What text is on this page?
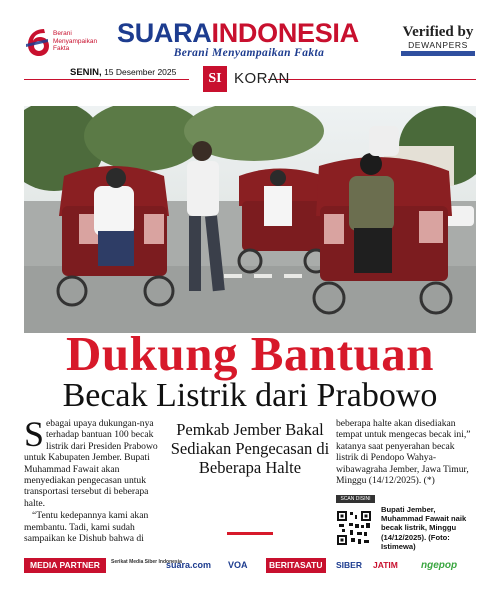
Berani Menyampaikan Fakta
SUARAINDONESIA
Berani Menyampaikan Fakta
Verified by
DEWANPERS
SENIN, 15 Desember 2025	SI KORAN
Dukung Bantuan
Becak Listrik dari Prabowo

Sebagai upaya dukungan-nya terhadap bantuan 100 becak listrik dari Presiden Prabowo untuk Kabupaten Jember. Bupati Muhammad Fawait akan menyediakan pengecasan untuk transportasi tersebut di beberapa halte.

“Tentu kedepannya kami akan membantu. Tadi, kami sudah sampaikan ke Dishub bahwa di

Pemkab Jember Bakal Sediakan Pengecasan di Beberapa Halte

beberapa halte akan disediakan tempat untuk mengecas becak ini,” katanya saat penyerahan becak listrik di Pendopo Wahya-wibawagraha Jember, Jawa Timur, Minggu (14/12/2025). (*)

SCAN DISINI
Bupati Jember, Muhammad Fawait naik becak listrik, Minggu (14/12/2025). (Foto: Istimewa)
MEDIA PARTNER	Serikat Media Siber Indonesia
suara.com VOA	BERITASATU	SIBER JATIM ngepop
